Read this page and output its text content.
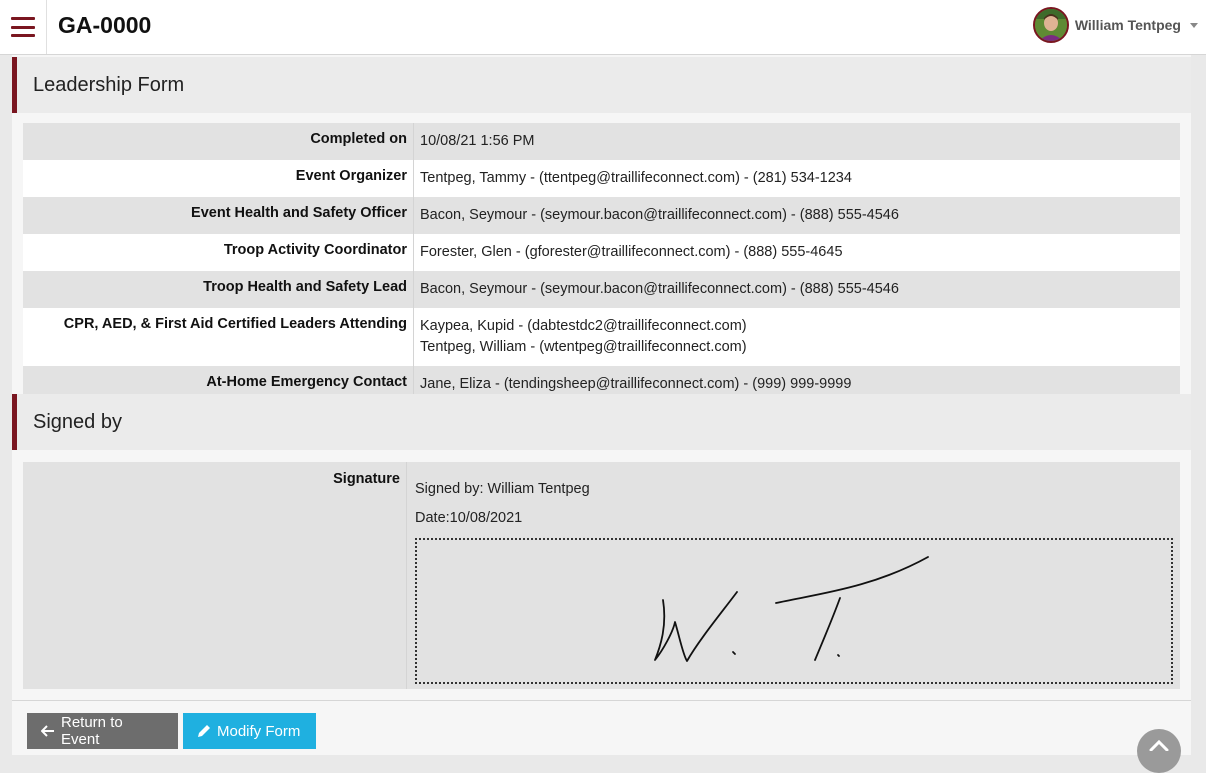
GA-0000	William Tentpeg
Leadership Form
Completed on	10/08/21 1:56 PM

Event Organizer	Tentpeg, Tammy - (ttentpeg@traillifeconnect.com) - (281) 534-1234

Event Health and Safety Officer	Bacon, Seymour - (seymour.bacon@traillifeconnect.com) - (888) 555-4546

Troop Activity Coordinator	Forester, Glen - (gforester@traillifeconnect.com) - (888) 555-4645

Troop Health and Safety Lead	Bacon, Seymour - (seymour.bacon@traillifeconnect.com) - (888) 555-4546

CPR, AED, & First Aid Certified Leaders Attending	Kaypea, Kupid - (dabtestdc2@traillifeconnect.com)
Tentpeg, William - (wtentpeg@traillifeconnect.com)

At-Home Emergency Contact	Jane, Eliza - (tendingsheep@traillifeconnect.com) - (999) 999-9999
Signed by
Signature
Signed by: William Tentpeg
Date:10/08/2021
Return to Event	Modify Form
